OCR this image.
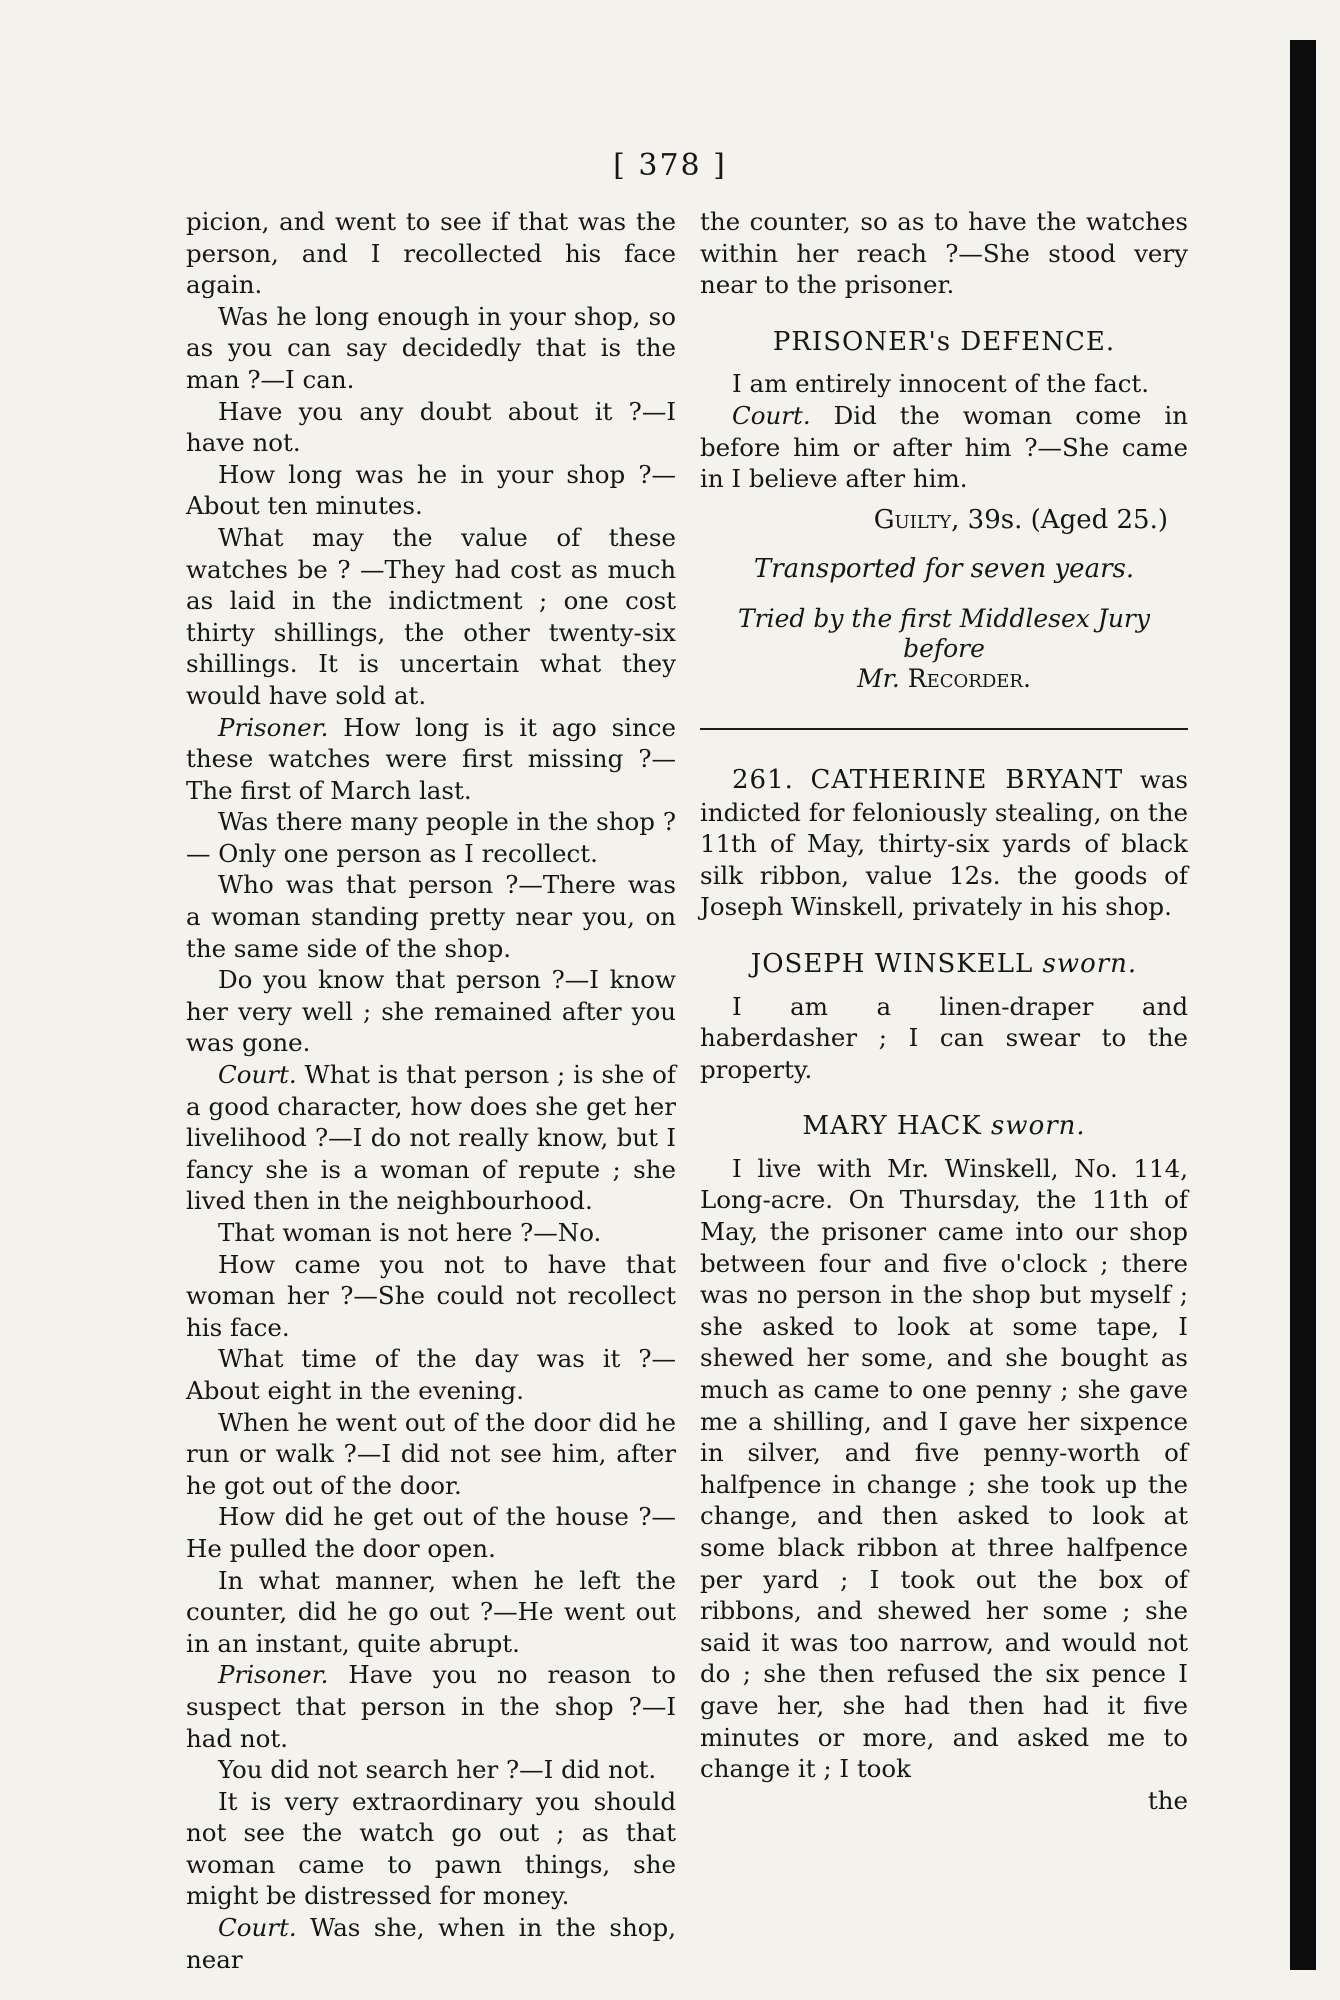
[ 378 ]

picion, and went to see if that was the person, and I recollected his face again.

Was he long enough in your shop, so as you can say decidedly that is the man ?—I can.

Have you any doubt about it ?—I have not.

How long was he in your shop ?—About ten minutes.

What may the value of these watches be ? —They had cost as much as laid in the indictment ; one cost thirty shillings, the other twenty-six shillings. It is uncertain what they would have sold at.

Prisoner. How long is it ago since these watches were first missing ?—The first of March last.

Was there many people in the shop ?— Only one person as I recollect.

Who was that person ?—There was a woman standing pretty near you, on the same side of the shop.

Do you know that person ?—I know her very well ; she remained after you was gone.

Court. What is that person ; is she of a good character, how does she get her livelihood ?—I do not really know, but I fancy she is a woman of repute ; she lived then in the neighbourhood.

That woman is not here ?—No.

How came you not to have that woman her ?—She could not recollect his face.

What time of the day was it ?—About eight in the evening.

When he went out of the door did he run or walk ?—I did not see him, after he got out of the door.

How did he get out of the house ?—He pulled the door open.

In what manner, when he left the counter, did he go out ?—He went out in an instant, quite abrupt.

Prisoner. Have you no reason to suspect that person in the shop ?—I had not.

You did not search her ?—I did not.

It is very extraordinary you should not see the watch go out ; as that woman came to pawn things, she might be distressed for money.

Court. Was she, when in the shop, near

the counter, so as to have the watches within her reach ?—She stood very near to the prisoner.

PRISONER's DEFENCE.

I am entirely innocent of the fact.

Court. Did the woman come in before him or after him ?—She came in I believe after him.

Guilty, 39s. (Aged 25.)

Transported for seven years.

Tried by the first Middlesex Jury before
Mr. Recorder.

261. CATHERINE BRYANT was indicted for feloniously stealing, on the 11th of May, thirty-six yards of black silk ribbon, value 12s. the goods of Joseph Winskell, privately in his shop.

JOSEPH WINSKELL sworn.

I am a linen-draper and haberdasher ; I can swear to the property.

MARY HACK sworn.

I live with Mr. Winskell, No. 114, Long-acre. On Thursday, the 11th of May, the prisoner came into our shop between four and five o'clock ; there was no person in the shop but myself ; she asked to look at some tape, I shewed her some, and she bought as much as came to one penny ; she gave me a shilling, and I gave her sixpence in silver, and five penny-worth of halfpence in change ; she took up the change, and then asked to look at some black ribbon at three halfpence per yard ; I took out the box of ribbons, and shewed her some ; she said it was too narrow, and would not do ; she then refused the six pence I gave her, she had then had it five minutes or more, and asked me to change it ; I took

the
